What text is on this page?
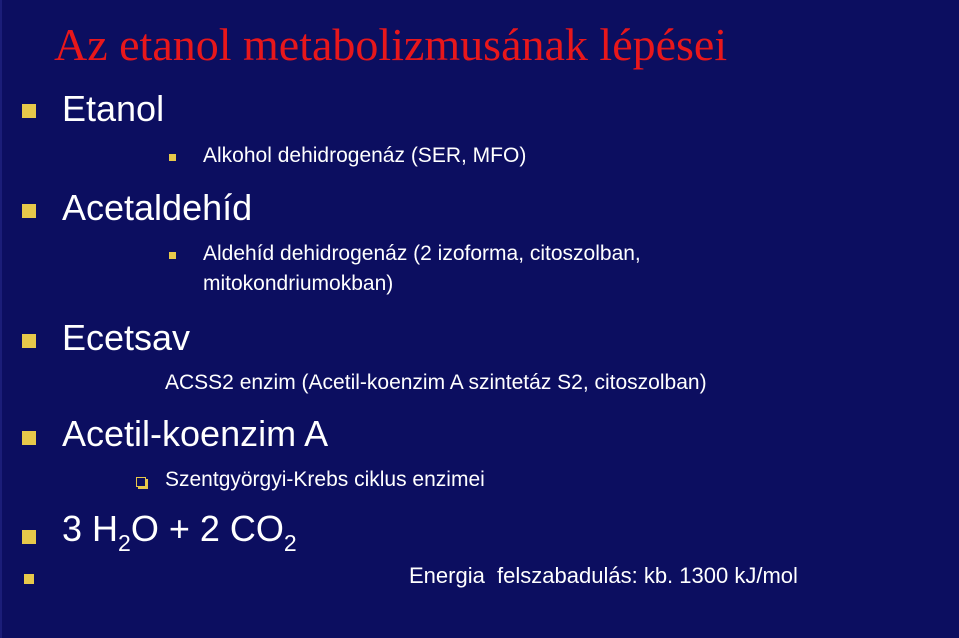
Az etanol metabolizmusának lépései
Etanol
Alkohol dehidrogenáz (SER, MFO)
Acetaldehíd
Aldehíd dehidrogenáz (2 izoforma, citoszolban,
mitokondriumokban)
Ecetsav
ACSS2 enzim (Acetil-koenzim A szintetáz S2, citoszolban)
Acetil-koenzim A
Szentgyörgyi-Krebs ciklus enzimei
3 $H_2O + 2$ $CO_2$
Energia  felszabadulás: kb. 1300 kJ/mol
